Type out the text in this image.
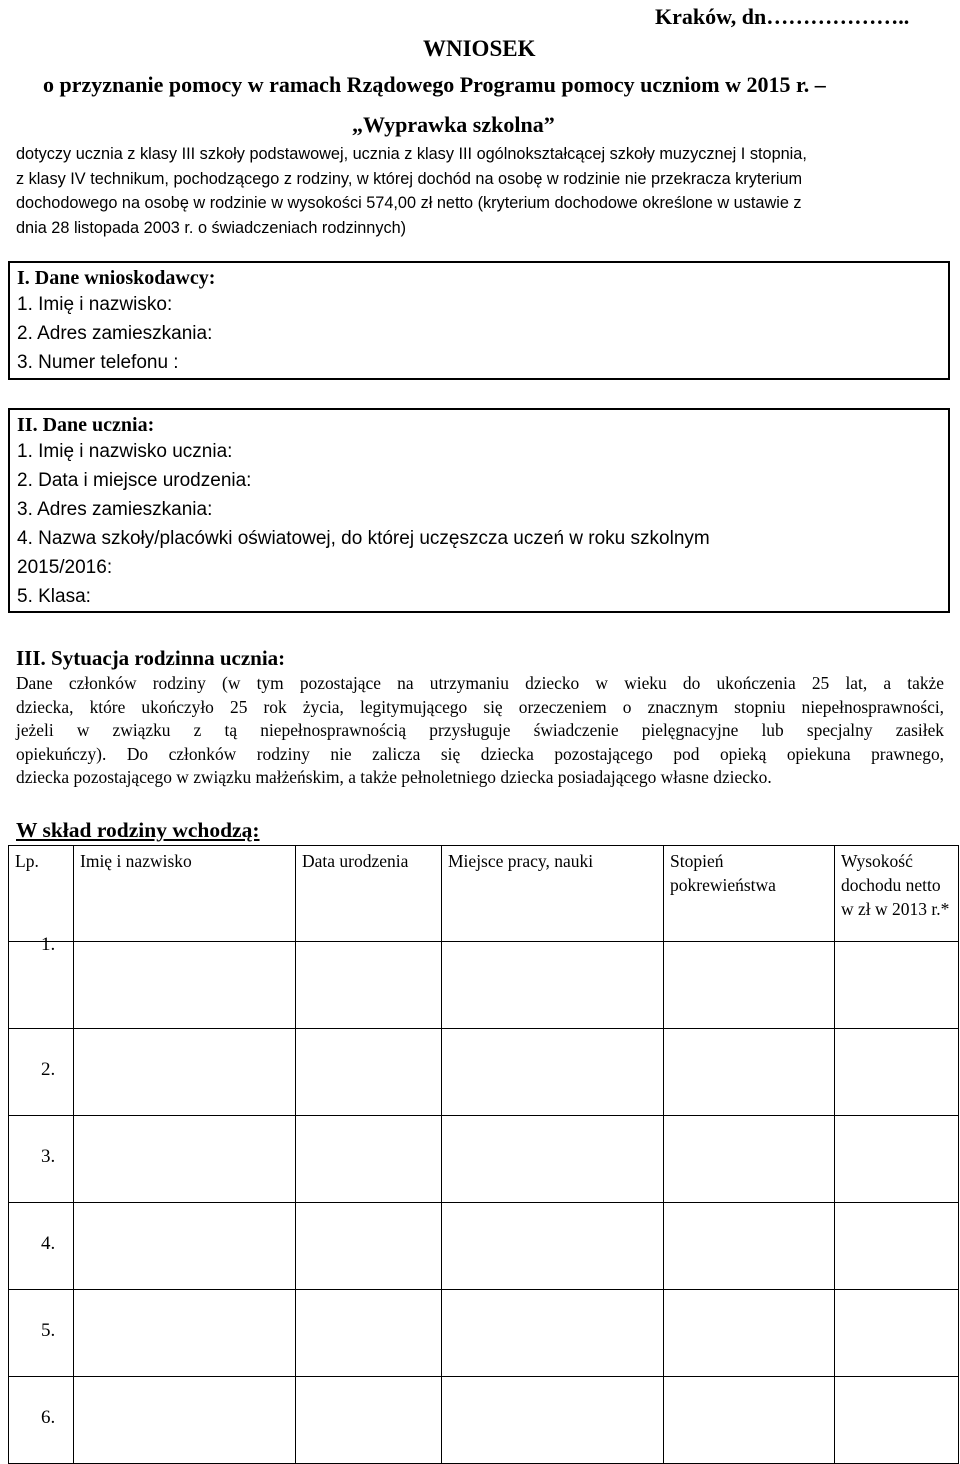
Kraków, dn………………..
WNIOSEK
o przyznanie pomocy w ramach Rządowego Programu pomocy uczniom w 2015 r. –
„Wyprawka szkolna”
dotyczy ucznia z klasy III szkoły podstawowej, ucznia z klasy III ogólnokształcącej szkoły muzycznej I stopnia,
z klasy IV technikum, pochodzącego z rodziny, w której dochód na osobę w rodzinie nie przekracza kryterium
dochodowego na osobę w rodzinie w wysokości 574,00 zł netto (kryterium dochodowe określone w ustawie z
dnia 28 listopada 2003 r. o świadczeniach rodzinnych)
I. Dane wnioskodawcy:
1. Imię i nazwisko:
2. Adres zamieszkania:
3. Numer telefonu :
II. Dane ucznia:
1. Imię i nazwisko ucznia:
2. Data i miejsce urodzenia:
3. Adres zamieszkania:
4. Nazwa szkoły/placówki oświatowej, do której uczęszcza uczeń w roku szkolnym
2015/2016:
5. Klasa:
III. Sytuacja rodzinna ucznia:
Dane członków rodziny (w tym pozostające na utrzymaniu dziecko w wieku do ukończenia 25 lat, a także
dziecka, które ukończyło 25 rok życia, legitymującego się orzeczeniem o znacznym stopniu niepełnosprawności,
jeżeli w związku z tą niepełnosprawnością przysługuje świadczenie pielęgnacyjne lub specjalny zasiłek
opiekuńczy). Do członków rodziny nie zalicza się dziecka pozostającego pod opieką opiekuna prawnego,
dziecka pozostającego w związku małżeńskim, a także pełnoletniego dziecka posiadającego własne dziecko.
W skład rodziny wchodzą:
Lp.	Imię i nazwisko	Data urodzenia	Miejsce pracy, nauki	Stopień pokrewieństwa	Wysokość dochodu netto w zł w 2013 r.*

1.					

2.					

3.					

4.					

5.					

6.					
